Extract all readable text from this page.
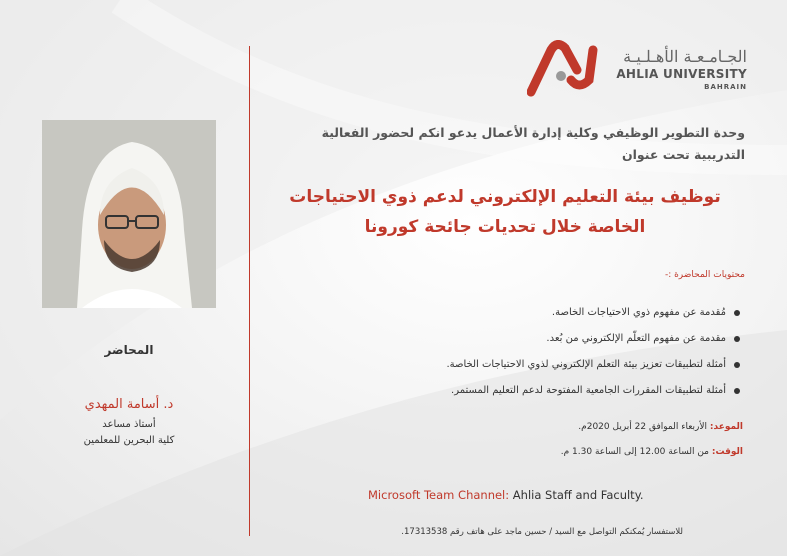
الجـامـعـة الأهـلـيـة
AHLIA UNIVERSITY
BAHRAIN
المحاضر
د. أسامة المهدي
أستاذ مساعد
كلية البحرين للمعلمين
وحدة التطوير الوظيفي وكلية إدارة الأعمال يدعو انكم لحضور الفعالية التدريبية تحت عنوان
توظيف بيئة التعليم الإلكتروني لدعم ذوي الاحتياجات الخاصة خلال تحديات جائحة كورونا
محتويات المحاضرة :-
مُقدمة عن مفهوم ذوي الاحتياجات الخاصة.
مقدمة عن مفهوم التعلّم الإلكتروني من بُعد.
أمثلة لتطبيقات تعزيز بيئة التعلم الإلكتروني لذوي الاحتياجات الخاصة.
أمثلة لتطبيقات المقررات الجامعية المفتوحة لدعم التعليم المستمر.
الموعد: الأربعاء الموافق 22 أبريل 2020م.
الوقت: من الساعة 12.00 إلى الساعة 1.30 م.
Microsoft Team Channel: Ahlia Staff and Faculty.
للاستفسار يُمكنكم التواصل مع السيد / حسين ماجد على هاتف رقم 17313538.
